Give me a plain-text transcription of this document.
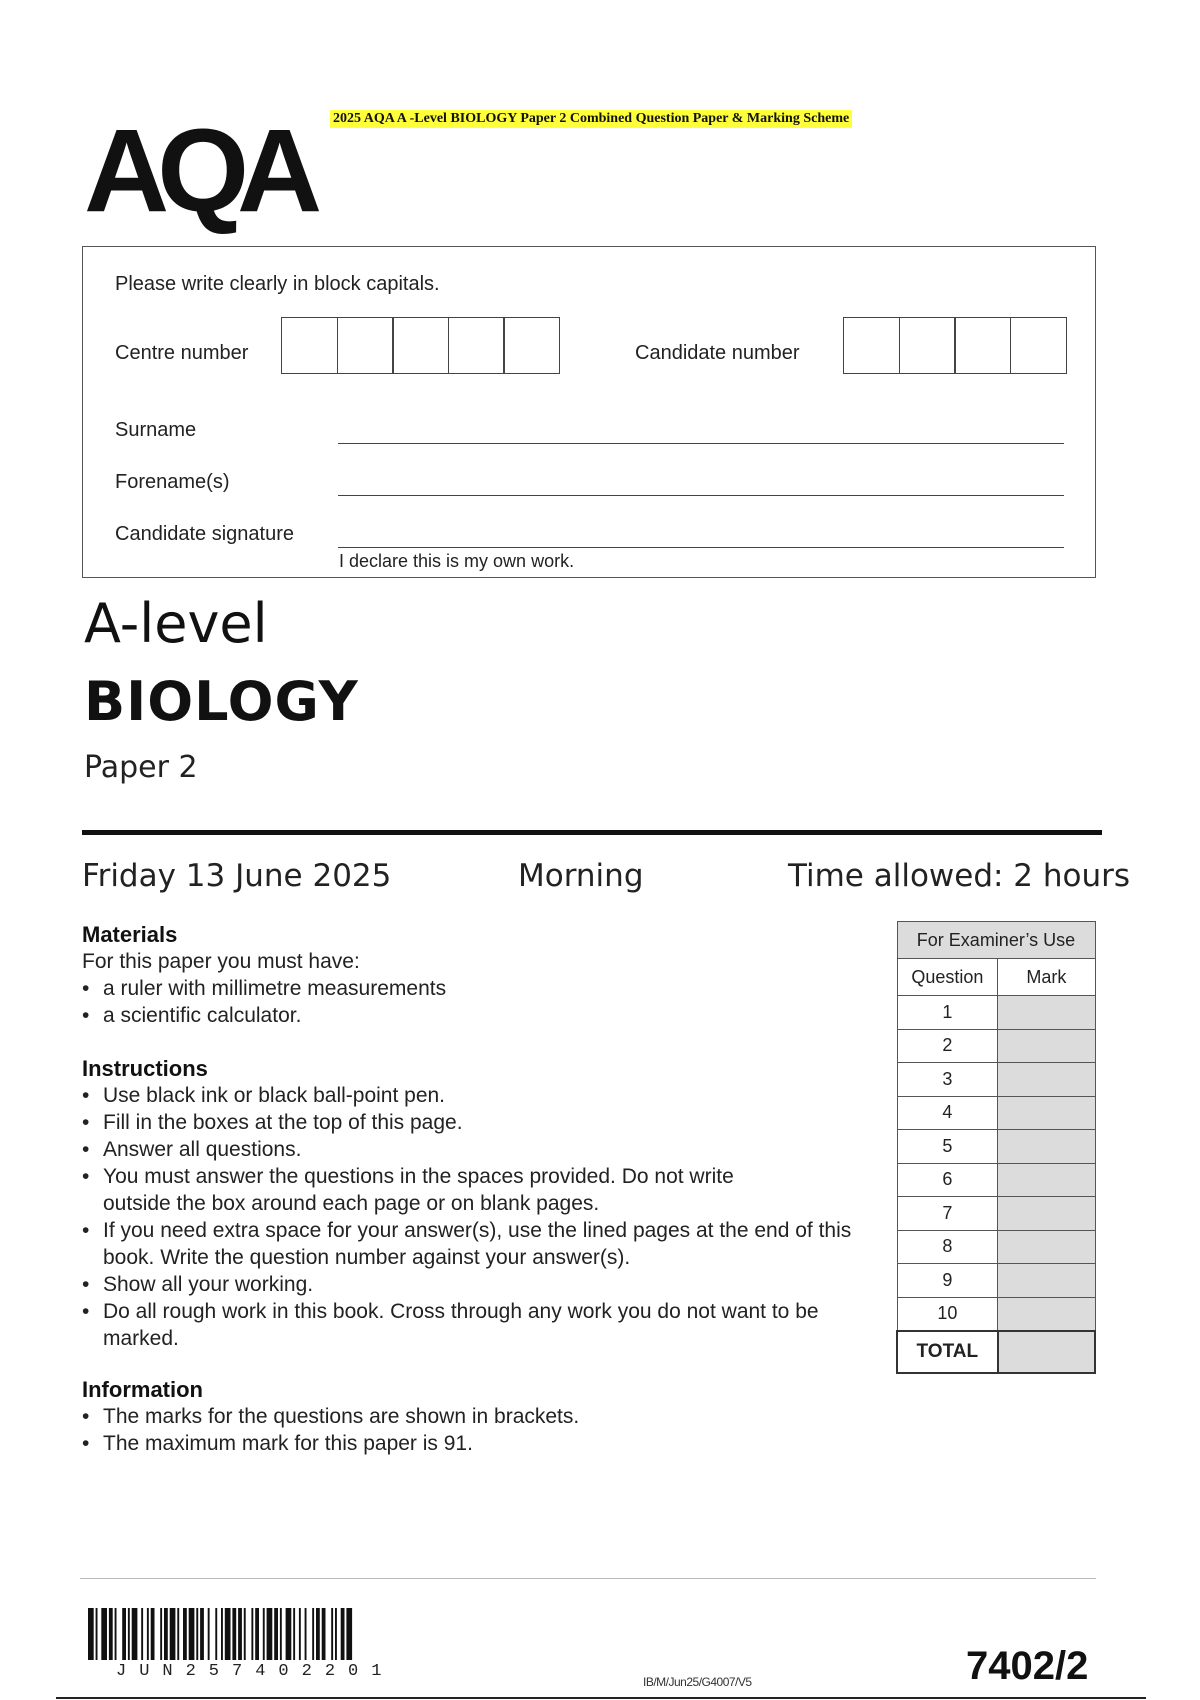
2025 AQA A -Level BIOLOGY Paper 2 Combined Question Paper & Marking Scheme
AQA
Please write clearly in block capitals.
Centre number	Candidate number
Surname
Forename(s)
Candidate signature
I declare this is my own work.
A-level
BIOLOGY
Paper 2
Friday 13 June 2025	Morning	Time allowed: 2 hours
Materials
For this paper you must have:
• a ruler with millimetre measurements
• a scientific calculator.
Instructions
• Use black ink or black ball-point pen.
• Fill in the boxes at the top of this page.
• Answer all questions.
• You must answer the questions in the spaces provided. Do not write outside the box around each page or on blank pages.
• If you need extra space for your answer(s), use the lined pages at the end of this book. Write the question number against your answer(s).
• Show all your working.
• Do all rough work in this book. Cross through any work you do not want to be marked.
Information
• The marks for the questions are shown in brackets.
• The maximum mark for this paper is 91.
For Examiner’s Use	
Question	Mark
1	
2	
3	
4	
5	
6	
7	
8	
9	
10	
TOTAL	
JUN257402201
IB/M/Jun25/G4007/V5	7402/2
